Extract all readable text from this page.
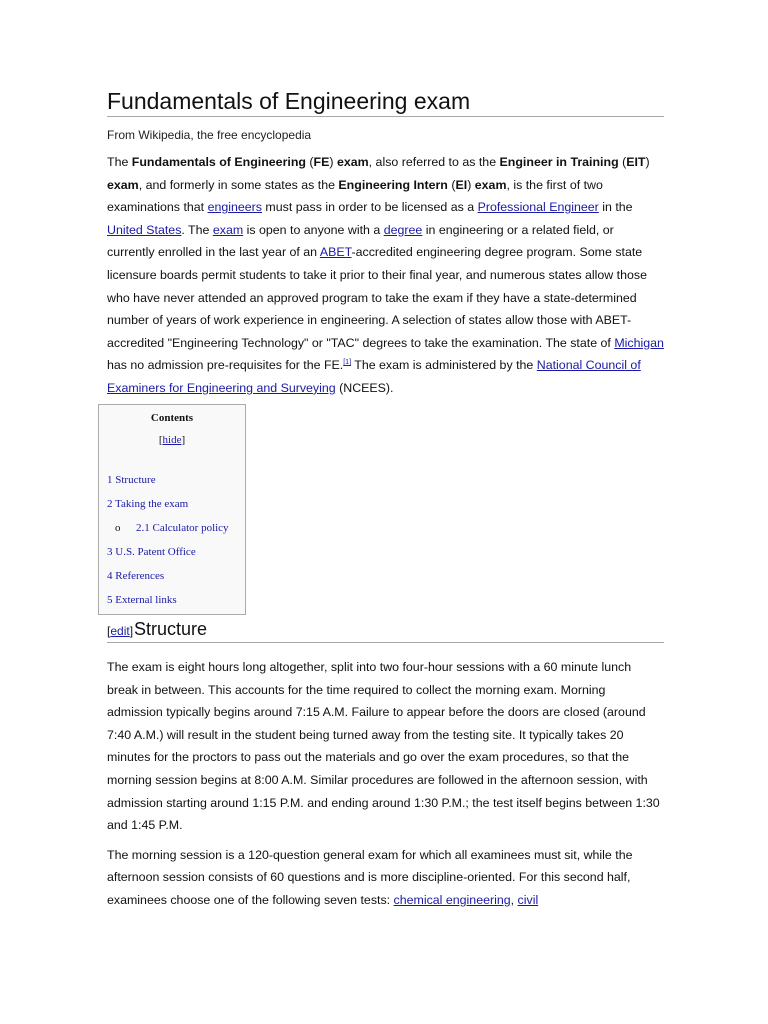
Fundamentals of Engineering exam
From Wikipedia, the free encyclopedia

The Fundamentals of Engineering (FE) exam, also referred to as the Engineer in Training (EIT) exam, and formerly in some states as the Engineering Intern (EI) exam, is the first of two examinations that engineers must pass in order to be licensed as a Professional Engineer in the United States. The exam is open to anyone with a degree in engineering or a related field, or currently enrolled in the last year of an ABET-accredited engineering degree program. Some state licensure boards permit students to take it prior to their final year, and numerous states allow those who have never attended an approved program to take the exam if they have a state-determined number of years of work experience in engineering. A selection of states allow those with ABET-accredited "Engineering Technology" or "TAC" degrees to take the examination. The state of Michigan has no admission pre-requisites for the FE.[1] The exam is administered by the National Council of Examiners for Engineering and Surveying (NCEES).

Contents
[hide]
1 Structure
2 Taking the exam
o 2.1 Calculator policy
3 U.S. Patent Office
4 References
5 External links
[edit] Structure

The exam is eight hours long altogether, split into two four-hour sessions with a 60 minute lunch break in between. This accounts for the time required to collect the morning exam. Morning admission typically begins around 7:15 A.M. Failure to appear before the doors are closed (around 7:40 A.M.) will result in the student being turned away from the testing site. It typically takes 20 minutes for the proctors to pass out the materials and go over the exam procedures, so that the morning session begins at 8:00 A.M. Similar procedures are followed in the afternoon session, with admission starting around 1:15 P.M. and ending around 1:30 P.M.; the test itself begins between 1:30 and 1:45 P.M.

The morning session is a 120-question general exam for which all examinees must sit, while the afternoon session consists of 60 questions and is more discipline-oriented. For this second half, examinees choose one of the following seven tests: chemical engineering, civil
